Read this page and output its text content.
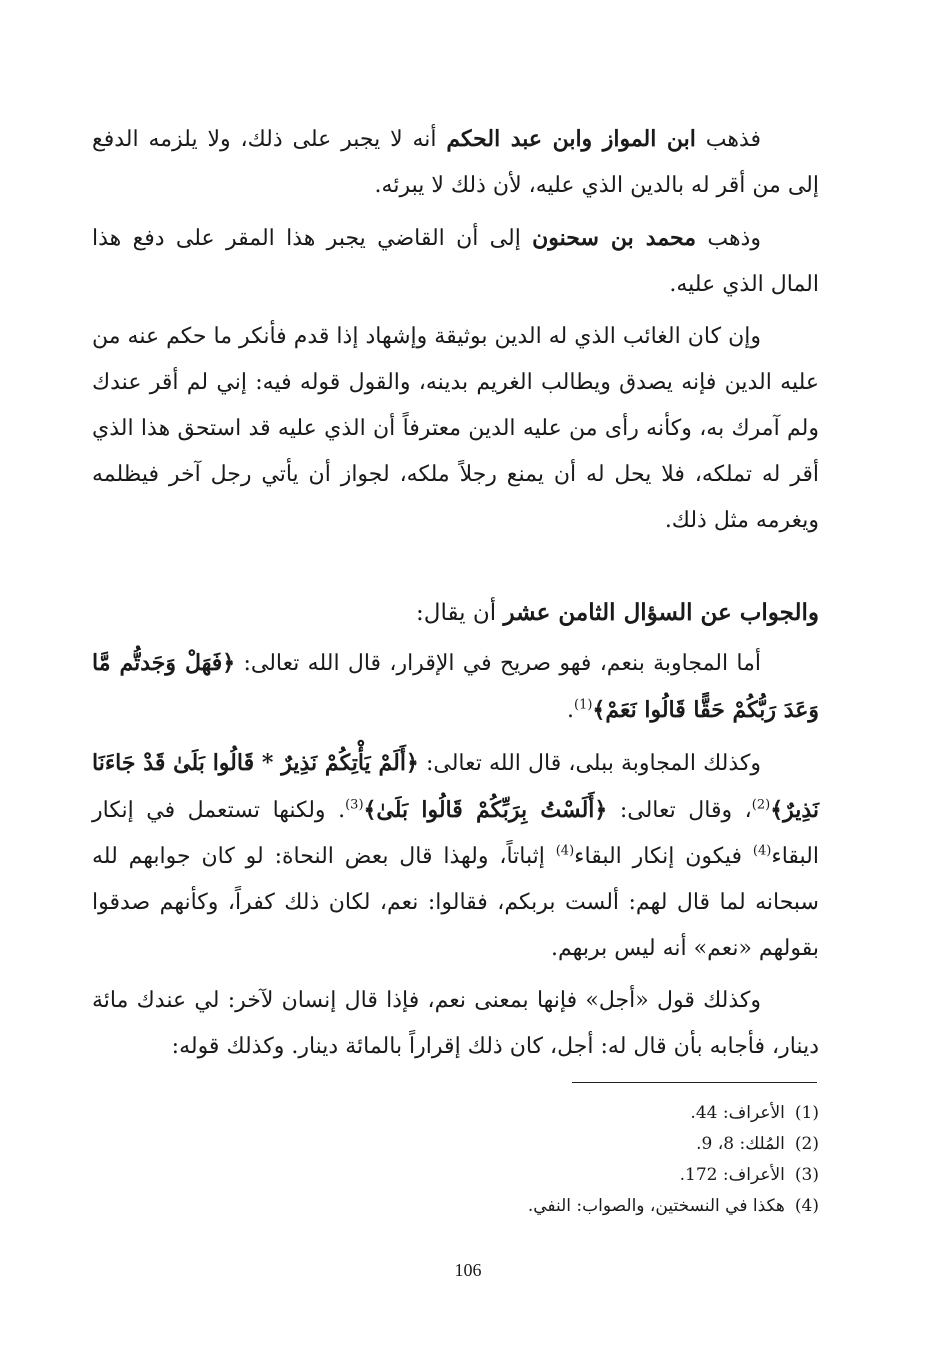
فذهب ابن المواز وابن عبد الحكم أنه لا يجبر على ذلك، ولا يلزمه الدفع إلى من أقر له بالدين الذي عليه، لأن ذلك لا يبرئه.

وذهب محمد بن سحنون إلى أن القاضي يجبر هذا المقر على دفع هذا المال الذي عليه.

وإن كان الغائب الذي له الدين بوثيقة وإشهاد إذا قدم فأنكر ما حكم عنه من عليه الدين فإنه يصدق ويطالب الغريم بدينه، والقول قوله فيه: إني لم أقر عندك ولم آمرك به، وكأنه رأى من عليه الدين معترفاً أن الذي عليه قد استحق هذا الذي أقر له تملكه، فلا يحل له أن يمنع رجلاً ملكه، لجواز أن يأتي رجل آخر فيظلمه ويغرمه مثل ذلك.

والجواب عن السؤال الثامن عشر أن يقال:

أما المجاوبة بنعم، فهو صريح في الإقرار، قال الله تعالى: ﴿فَهَلْ وَجَدتُّم مَّا وَعَدَ رَبُّكُمْ حَقًّا قَالُوا نَعَمْ﴾$^{(1)}$.

وكذلك المجاوبة ببلى، قال الله تعالى: ﴿أَلَمْ يَأْتِكُمْ نَذِيرٌ * قَالُوا بَلَىٰ قَدْ جَاءَنَا نَذِيرٌ﴾$^{(2)}$، وقال تعالى: ﴿أَلَسْتُ بِرَبِّكُمْ قَالُوا بَلَىٰ﴾$^{(3)}$. ولكنها تستعمل في إنكار البقاء$^{(4)}$ فيكون إنكار البقاء$^{(4)}$ إثباتاً، ولهذا قال بعض النحاة: لو كان جوابهم لله سبحانه لما قال لهم: ألست بربكم، فقالوا: نعم، لكان ذلك كفراً، وكأنهم صدقوا بقولهم «نعم» أنه ليس بربهم.

وكذلك قول «أجل» فإنها بمعنى نعم، فإذا قال إنسان لآخر: لي عندك مائة دينار، فأجابه بأن قال له: أجل، كان ذلك إقراراً بالمائة دينار. وكذلك قوله:

(1)الأعراف: 44.

(2)المُلك: 8، 9.

(3)الأعراف: 172.

(4)هكذا في النسختين، والصواب: النفي.

106
